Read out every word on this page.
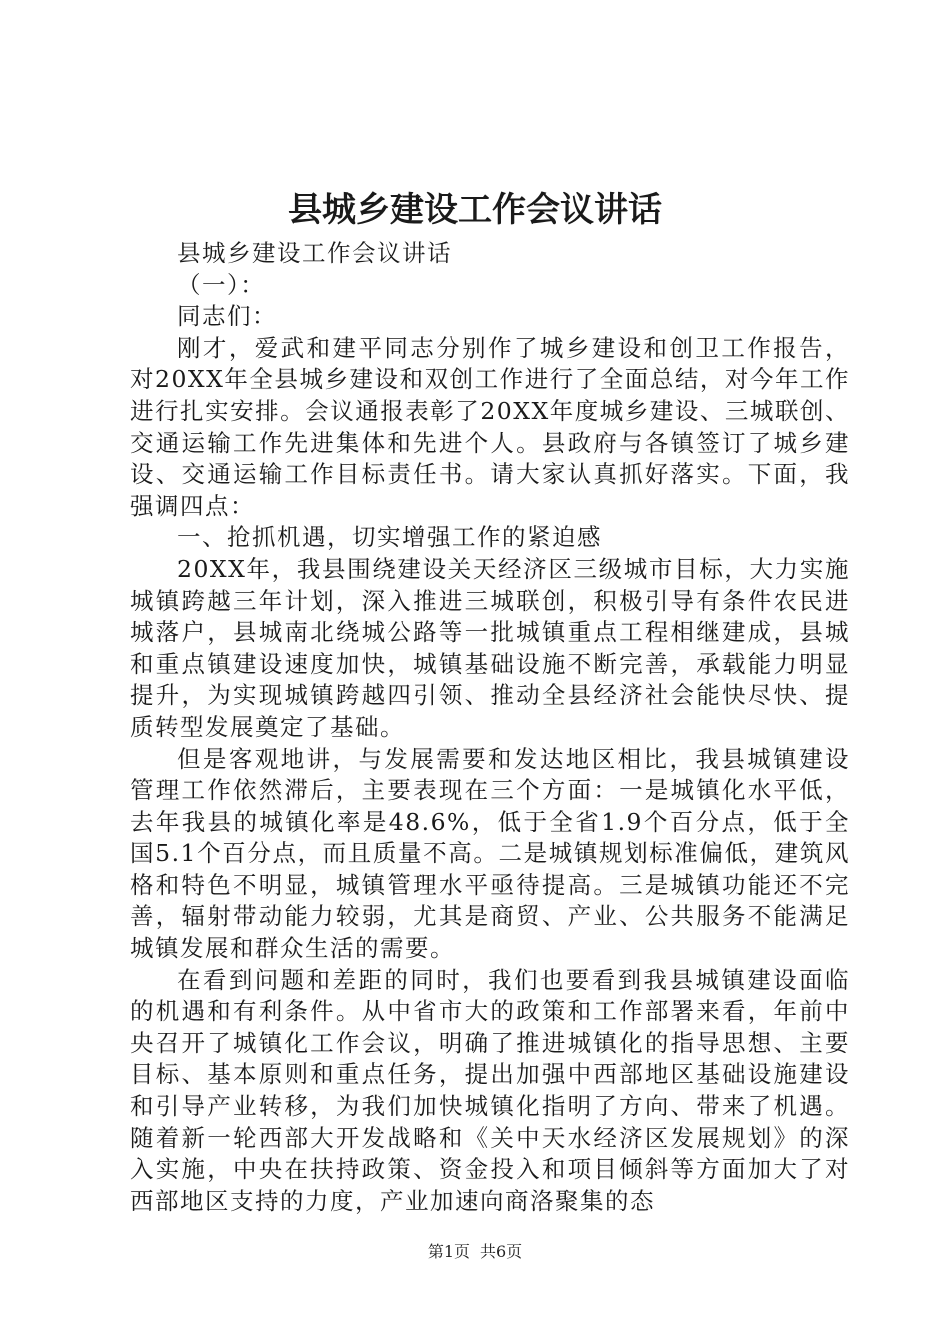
县城乡建设工作会议讲话

县城乡建设工作会议讲话

（一）：

同志们：

刚才，爱武和建平同志分别作了城乡建设和创卫工作报告，对20XX年全县城乡建设和双创工作进行了全面总结，对今年工作进行扎实安排。会议通报表彰了20XX年度城乡建设、三城联创、交通运输工作先进集体和先进个人。县政府与各镇签订了城乡建设、交通运输工作目标责任书。请大家认真抓好落实。下面，我强调四点：

一、抢抓机遇，切实增强工作的紧迫感

20XX年，我县围绕建设关天经济区三级城市目标，大力实施城镇跨越三年计划，深入推进三城联创，积极引导有条件农民进城落户，县城南北绕城公路等一批城镇重点工程相继建成，县城和重点镇建设速度加快，城镇基础设施不断完善，承载能力明显提升，为实现城镇跨越四引领、推动全县经济社会能快尽快、提质转型发展奠定了基础。

但是客观地讲，与发展需要和发达地区相比，我县城镇建设管理工作依然滞后，主要表现在三个方面：一是城镇化水平低，去年我县的城镇化率是48.6%，低于全省1.9个百分点，低于全国5.1个百分点，而且质量不高。二是城镇规划标准偏低，建筑风格和特色不明显，城镇管理水平亟待提高。三是城镇功能还不完善，辐射带动能力较弱，尤其是商贸、产业、公共服务不能满足城镇发展和群众生活的需要。

在看到问题和差距的同时，我们也要看到我县城镇建设面临的机遇和有利条件。从中省市大的政策和工作部署来看，年前中央召开了城镇化工作会议，明确了推进城镇化的指导思想、主要目标、基本原则和重点任务，提出加强中西部地区基础设施建设和引导产业转移，为我们加快城镇化指明了方向、带来了机遇。随着新一轮西部大开发战略和《关中天水经济区发展规划》的深入实施，中央在扶持政策、资金投入和项目倾斜等方面加大了对西部地区支持的力度，产业加速向商洛聚集的态

第1页 共6页
